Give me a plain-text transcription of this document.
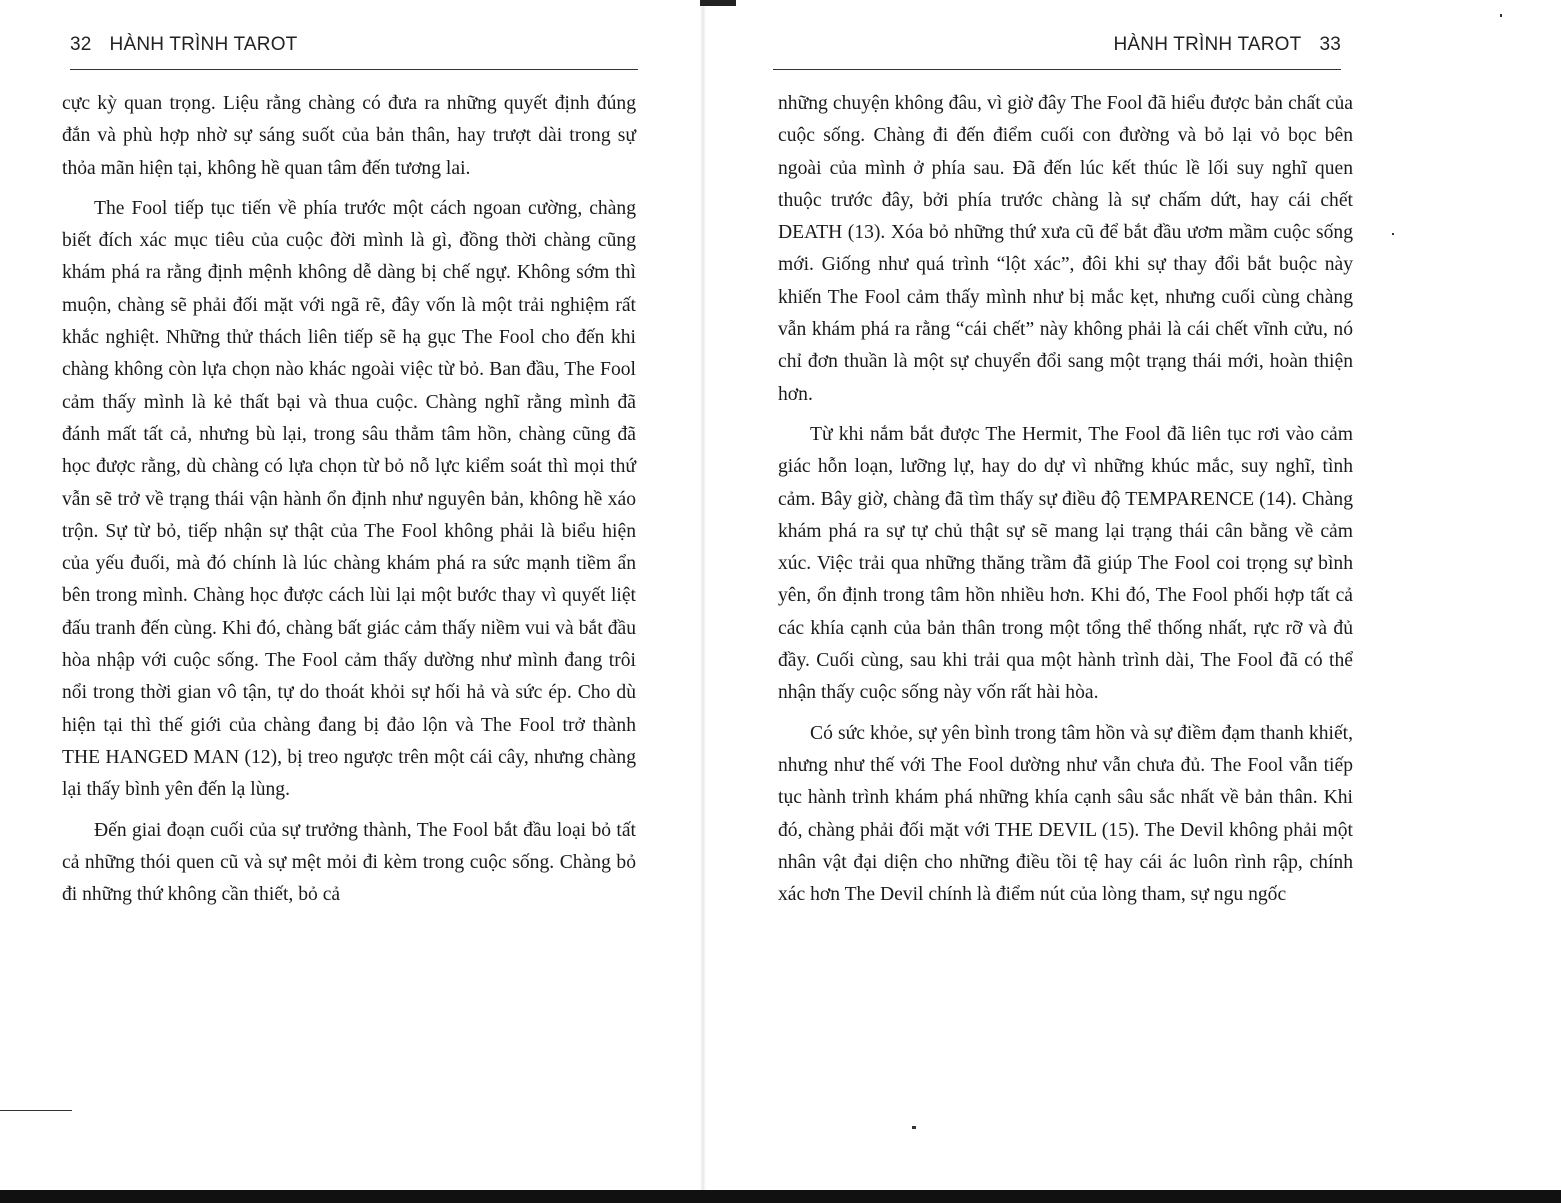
32 HÀNH TRÌNH TAROT

cực kỳ quan trọng. Liệu rằng chàng có đưa ra những quyết định đúng đắn và phù hợp nhờ sự sáng suốt của bản thân, hay trượt dài trong sự thỏa mãn hiện tại, không hề quan tâm đến tương lai.

The Fool tiếp tục tiến về phía trước một cách ngoan cường, chàng biết đích xác mục tiêu của cuộc đời mình là gì, đồng thời chàng cũng khám phá ra rằng định mệnh không dễ dàng bị chế ngự. Không sớm thì muộn, chàng sẽ phải đối mặt với ngã rẽ, đây vốn là một trải nghiệm rất khắc nghiệt. Những thử thách liên tiếp sẽ hạ gục The Fool cho đến khi chàng không còn lựa chọn nào khác ngoài việc từ bỏ. Ban đầu, The Fool cảm thấy mình là kẻ thất bại và thua cuộc. Chàng nghĩ rằng mình đã đánh mất tất cả, nhưng bù lại, trong sâu thẳm tâm hồn, chàng cũng đã học được rằng, dù chàng có lựa chọn từ bỏ nỗ lực kiểm soát thì mọi thứ vẫn sẽ trở về trạng thái vận hành ổn định như nguyên bản, không hề xáo trộn. Sự từ bỏ, tiếp nhận sự thật của The Fool không phải là biểu hiện của yếu đuối, mà đó chính là lúc chàng khám phá ra sức mạnh tiềm ẩn bên trong mình. Chàng học được cách lùi lại một bước thay vì quyết liệt đấu tranh đến cùng. Khi đó, chàng bất giác cảm thấy niềm vui và bắt đầu hòa nhập với cuộc sống. The Fool cảm thấy dường như mình đang trôi nổi trong thời gian vô tận, tự do thoát khỏi sự hối hả và sức ép. Cho dù hiện tại thì thế giới của chàng đang bị đảo lộn và The Fool trở thành THE HANGED MAN (12), bị treo ngược trên một cái cây, nhưng chàng lại thấy bình yên đến lạ lùng.

Đến giai đoạn cuối của sự trưởng thành, The Fool bắt đầu loại bỏ tất cả những thói quen cũ và sự mệt mỏi đi kèm trong cuộc sống. Chàng bỏ đi những thứ không cần thiết, bỏ cả

HÀNH TRÌNH TAROT 33

những chuyện không đâu, vì giờ đây The Fool đã hiểu được bản chất của cuộc sống. Chàng đi đến điểm cuối con đường và bỏ lại vỏ bọc bên ngoài của mình ở phía sau. Đã đến lúc kết thúc lề lối suy nghĩ quen thuộc trước đây, bởi phía trước chàng là sự chấm dứt, hay cái chết DEATH (13). Xóa bỏ những thứ xưa cũ để bắt đầu ươm mầm cuộc sống mới. Giống như quá trình “lột xác”, đôi khi sự thay đổi bắt buộc này khiến The Fool cảm thấy mình như bị mắc kẹt, nhưng cuối cùng chàng vẫn khám phá ra rằng “cái chết” này không phải là cái chết vĩnh cửu, nó chỉ đơn thuần là một sự chuyển đổi sang một trạng thái mới, hoàn thiện hơn.

Từ khi nắm bắt được The Hermit, The Fool đã liên tục rơi vào cảm giác hỗn loạn, lưỡng lự, hay do dự vì những khúc mắc, suy nghĩ, tình cảm. Bây giờ, chàng đã tìm thấy sự điều độ TEMPARENCE (14). Chàng khám phá ra sự tự chủ thật sự sẽ mang lại trạng thái cân bằng về cảm xúc. Việc trải qua những thăng trầm đã giúp The Fool coi trọng sự bình yên, ổn định trong tâm hồn nhiều hơn. Khi đó, The Fool phối hợp tất cả các khía cạnh của bản thân trong một tổng thể thống nhất, rực rỡ và đủ đầy. Cuối cùng, sau khi trải qua một hành trình dài, The Fool đã có thể nhận thấy cuộc sống này vốn rất hài hòa.

Có sức khỏe, sự yên bình trong tâm hồn và sự điềm đạm thanh khiết, nhưng như thế với The Fool dường như vẫn chưa đủ. The Fool vẫn tiếp tục hành trình khám phá những khía cạnh sâu sắc nhất về bản thân. Khi đó, chàng phải đối mặt với THE DEVIL (15). The Devil không phải một nhân vật đại diện cho những điều tồi tệ hay cái ác luôn rình rập, chính xác hơn The Devil chính là điểm nút của lòng tham, sự ngu ngốc
